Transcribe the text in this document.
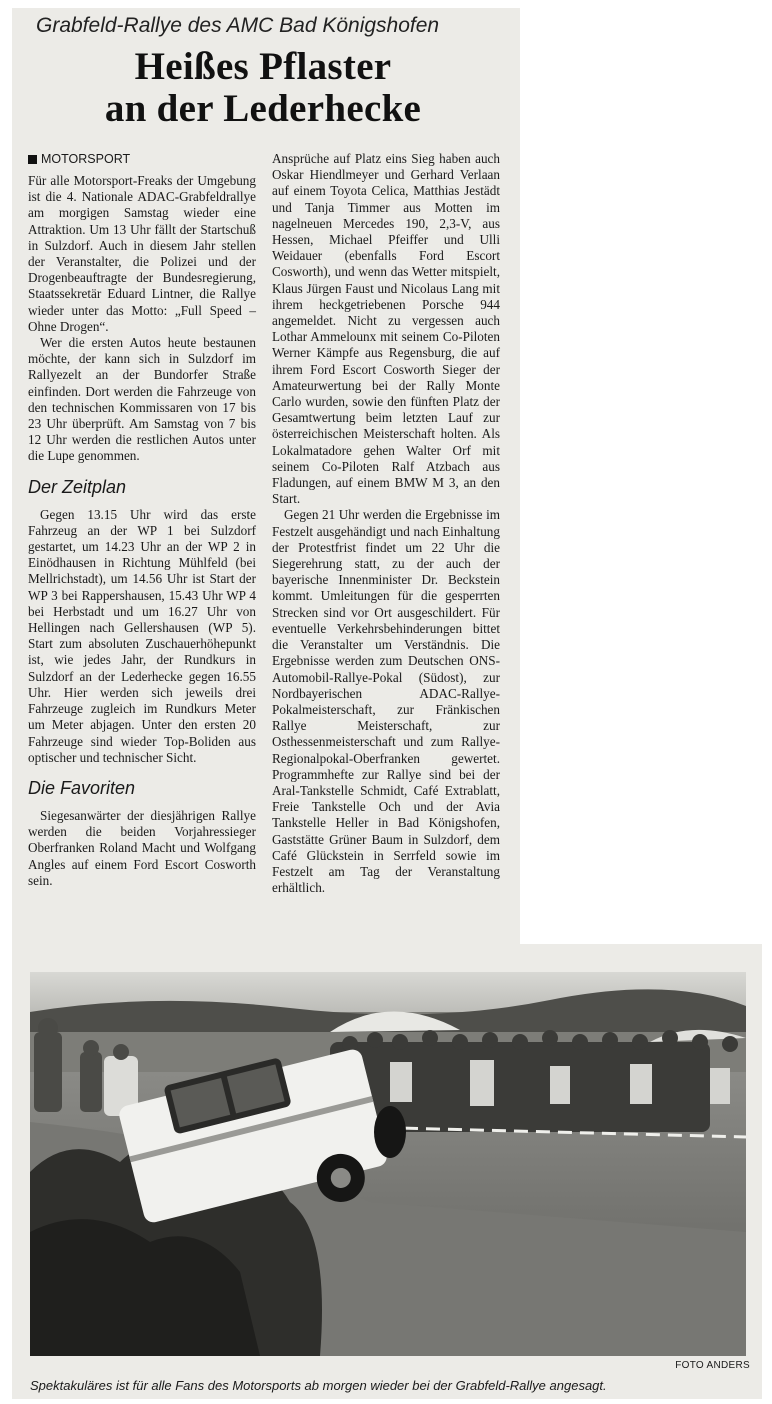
Grabfeld-Rallye des AMC Bad Königshofen
Heißes Pflaster
an der Lederhecke
MOTORSPORT

Für alle Motorsport-Freaks der Umgebung ist die 4. Nationale ADAC-Grabfeldrallye am morgigen Samstag wieder eine Attraktion. Um 13 Uhr fällt der Startschuß in Sulzdorf. Auch in diesem Jahr stellen der Veranstalter, die Polizei und der Drogenbeauftragte der Bundesregierung, Staatssekretär Eduard Lintner, die Rallye wieder unter das Motto: „Full Speed – Ohne Drogen“.

Wer die ersten Autos heute bestaunen möchte, der kann sich in Sulzdorf im Rallyezelt an der Bundorfer Straße einfinden. Dort werden die Fahrzeuge von den technischen Kommissaren von 17 bis 23 Uhr überprüft. Am Samstag von 7 bis 12 Uhr werden die restlichen Autos unter die Lupe genommen.

Der Zeitplan

Gegen 13.15 Uhr wird das erste Fahrzeug an der WP 1 bei Sulzdorf gestartet, um 14.23 Uhr an der WP 2 in Einödhausen in Richtung Mühlfeld (bei Mellrichstadt), um 14.56 Uhr ist Start der WP 3 bei Rappershausen, 15.43 Uhr WP 4 bei Herbstadt und um 16.27 Uhr von Hellingen nach Gellershausen (WP 5). Start zum absoluten Zuschauerhöhepunkt ist, wie jedes Jahr, der Rundkurs in Sulzdorf an der Lederhecke gegen 16.55 Uhr. Hier werden sich jeweils drei Fahrzeuge zugleich im Rundkurs Meter um Meter abjagen. Unter den ersten 20 Fahrzeuge sind wieder Top-Boliden aus optischer und technischer Sicht.

Die Favoriten

Siegesanwärter der diesjährigen Rallye werden die beiden Vorjahressieger Oberfranken Roland Macht und Wolfgang Angles auf einem Ford Escort Cosworth sein.

Ansprüche auf Platz eins Sieg haben auch Oskar Hiendlmeyer und Gerhard Verlaan auf einem Toyota Celica, Matthias Jestädt und Tanja Timmer aus Motten im nagelneuen Mercedes 190, 2,3-V, aus Hessen, Michael Pfeiffer und Ulli Weidauer (ebenfalls Ford Escort Cosworth), und wenn das Wetter mitspielt, Klaus Jürgen Faust und Nicolaus Lang mit ihrem heckgetriebenen Porsche 944 angemeldet. Nicht zu vergessen auch Lothar Ammelounx mit seinem Co-Piloten Werner Kämpfe aus Regensburg, die auf ihrem Ford Escort Cosworth Sieger der Amateurwertung bei der Rally Monte Carlo wurden, sowie den fünften Platz der Gesamtwertung beim letzten Lauf zur österreichischen Meisterschaft holten. Als Lokalmatadore gehen Walter Orf mit seinem Co-Piloten Ralf Atzbach aus Fladungen, auf einem BMW M 3, an den Start.

Gegen 21 Uhr werden die Ergebnisse im Festzelt ausgehändigt und nach Einhaltung der Protestfrist findet um 22 Uhr die Siegerehrung statt, zu der auch der bayerische Innenminister Dr. Beckstein kommt. Umleitungen für die gesperrten Strecken sind vor Ort ausgeschildert. Für eventuelle Verkehrsbehinderungen bittet die Veranstalter um Verständnis. Die Ergebnisse werden zum Deutschen ONS-Automobil-Rallye-Pokal (Südost), zur Nordbayerischen ADAC-Rallye-Pokalmeisterschaft, zur Fränkischen Rallye Meisterschaft, zur Osthessenmeisterschaft und zum Rallye-Regionalpokal-Oberfranken gewertet. Programmhefte zur Rallye sind bei der Aral-Tankstelle Schmidt, Café Extrablatt, Freie Tankstelle Och und der Avia Tankstelle Heller in Bad Königshofen, Gaststätte Grüner Baum in Sulzdorf, dem Café Glückstein in Serrfeld sowie im Festzelt am Tag der Veranstaltung erhältlich.

FOTO ANDERS
Spektakuläres ist für alle Fans des Motorsports ab morgen wieder bei der Grabfeld-Rallye angesagt.
